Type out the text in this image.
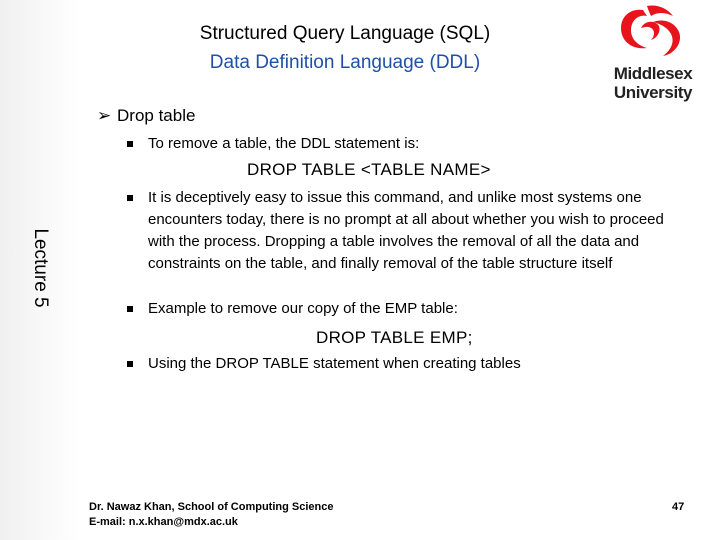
Structured Query Language (SQL)
Data Definition Language (DDL)
Middlesex
University
Lecture 5
➢ Drop table
To remove a table, the DDL statement is:
DROP TABLE <TABLE NAME>
It is deceptively easy to issue this command, and unlike most systems one encounters today, there is no prompt at all about whether you wish to proceed with the process. Dropping a table involves the removal of all the data and constraints on the table, and finally removal of the table structure itself
Example to remove our copy of the EMP table:
DROP TABLE EMP;
Using the DROP TABLE statement when creating tables
Dr. Nawaz Khan, School of Computing Science
E-mail: n.x.khan@mdx.ac.uk
47
